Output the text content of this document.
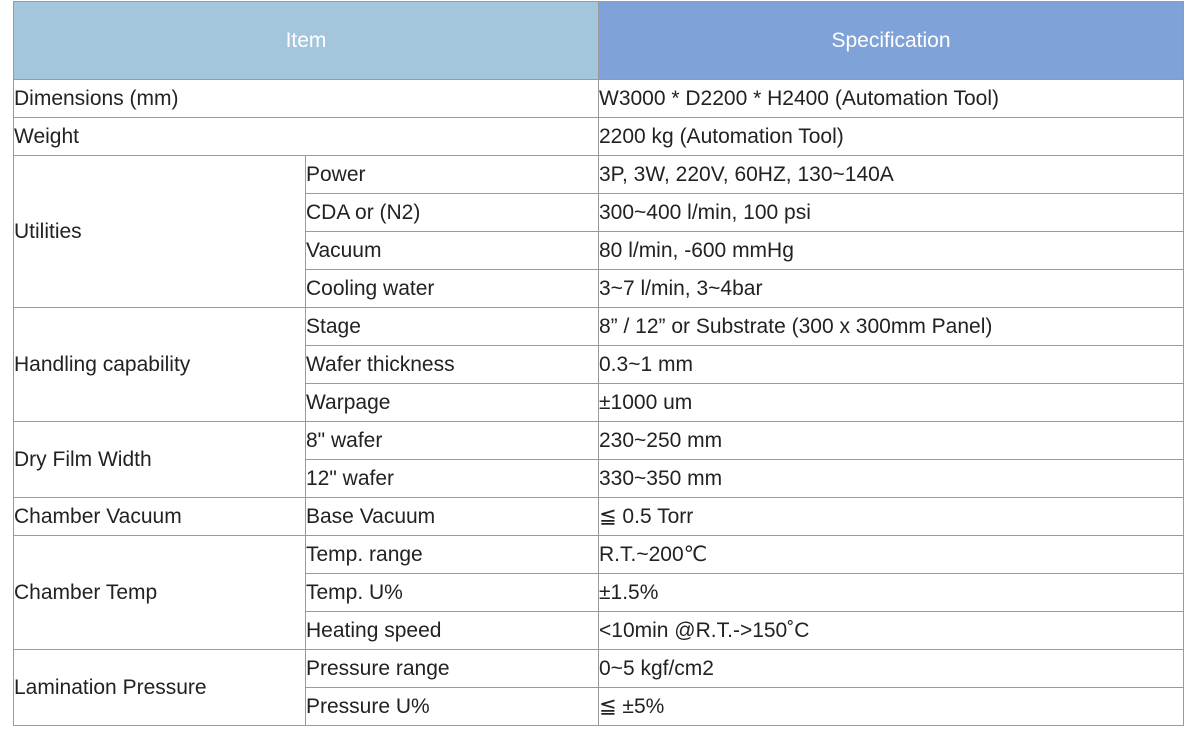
Item		Specification
Dimensions (mm)		W3000 * D2200 * H2400 (Automation Tool)
Weight		2200 kg (Automation Tool)
Utilities	Power	3P, 3W, 220V, 60HZ, 130~140A
	CDA or (N2)	300~400 l/min, 100 psi
	Vacuum	80 l/min, -600 mmHg
	Cooling water	3~7 l/min, 3~4bar
Handling capability	Stage	8” / 12” or Substrate (300 x 300mm Panel)
	Wafer thickness	0.3~1 mm
	Warpage	±1000 um
Dry Film Width	8" wafer	230~250 mm
	12" wafer	330~350 mm
Chamber Vacuum	Base Vacuum	≦ 0.5 Torr
Chamber Temp	Temp. range	R.T.~200℃
	Temp. U%	±1.5%
	Heating speed	<10min @R.T.->150˚C
Lamination Pressure	Pressure range	0~5 kgf/cm2
	Pressure U%	≦ ±5%
